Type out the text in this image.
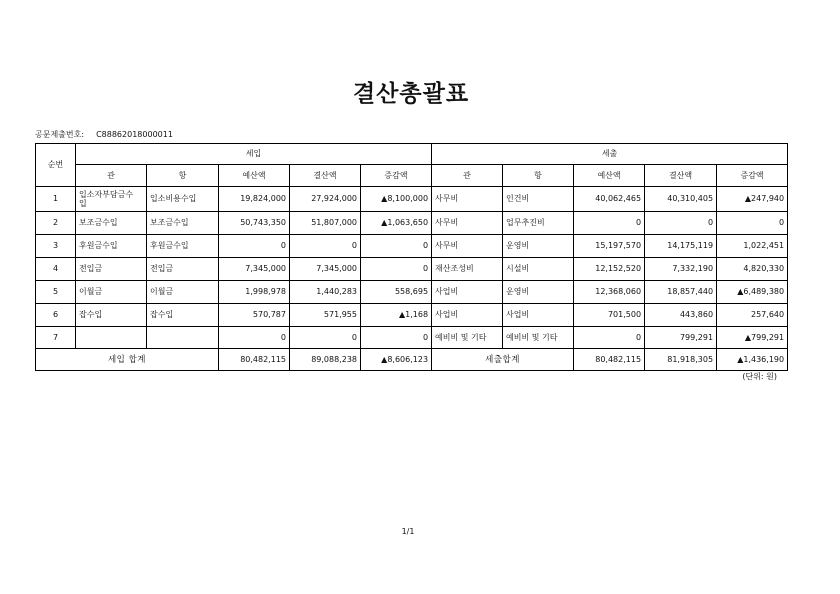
결산총괄표
공문제출번호: C88862018000011
순번	세입					세출				
	관	항	예산액	결산액	증감액	관	항	예산액	결산액	증감액
1	입소자부담금수입	입소비용수입	19,824,000	27,924,000	▲8,100,000	사무비	인건비	40,062,465	40,310,405	▲247,940
2	보조금수입	보조금수입	50,743,350	51,807,000	▲1,063,650	사무비	업무추진비	0	0	0
3	후원금수입	후원금수입	0	0	0	사무비	운영비	15,197,570	14,175,119	1,022,451
4	전입금	전입금	7,345,000	7,345,000	0	재산조성비	시설비	12,152,520	7,332,190	4,820,330
5	이월금	이월금	1,998,978	1,440,283	558,695	사업비	운영비	12,368,060	18,857,440	▲6,489,380
6	잡수입	잡수입	570,787	571,955	▲1,168	사업비	사업비	701,500	443,860	257,640
7			0	0	0	예비비 및 기타	예비비 및 기타	0	799,291	▲799,291
세입 합계			80,482,115	89,088,238	▲8,606,123	세출합계		80,482,115	81,918,305	▲1,436,190
(단위: 원)
1/1
